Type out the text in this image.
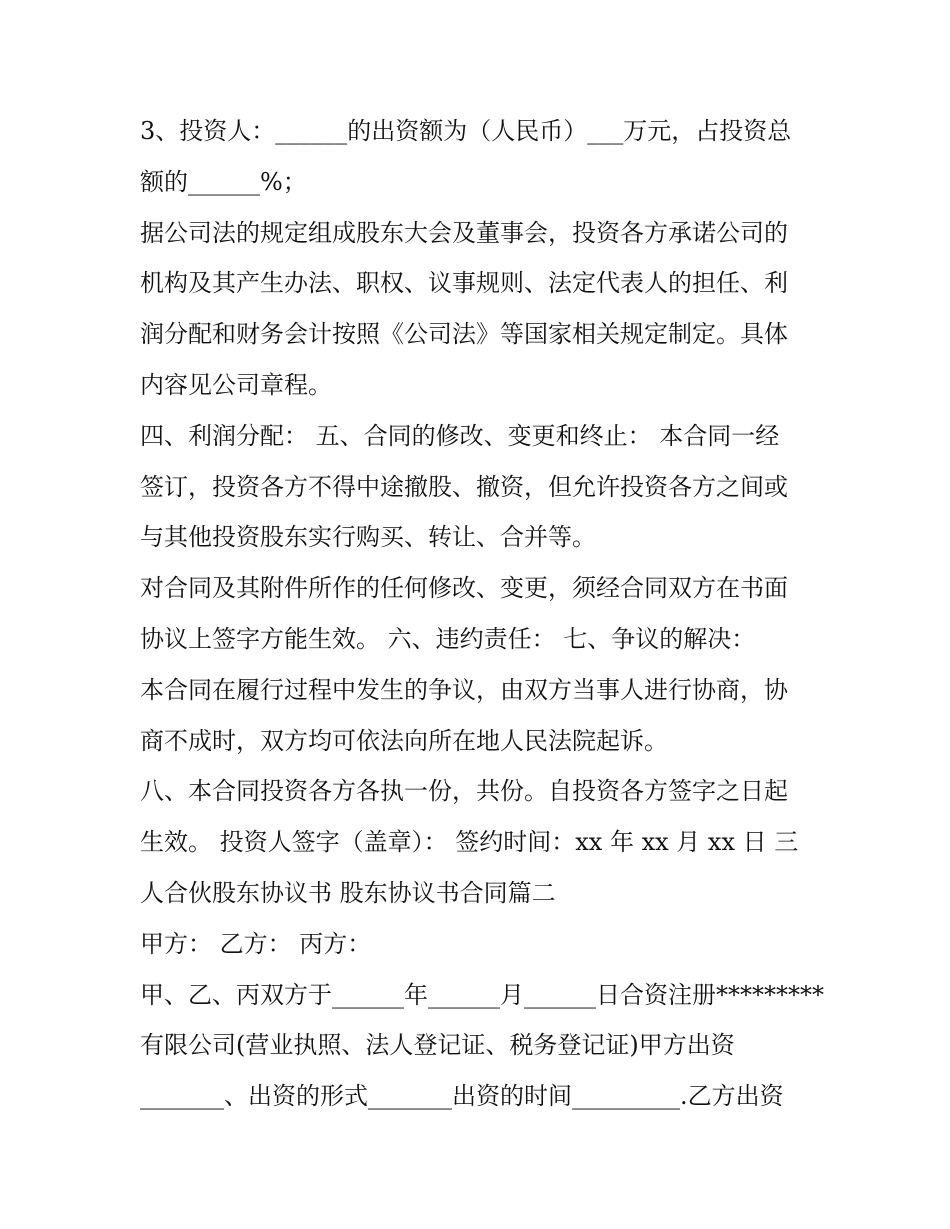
3、投资人：______的出资额为（人民币）___万元，占投资总
额的______%；
据公司法的规定组成股东大会及董事会，投资各方承诺公司的
机构及其产生办法、职权、议事规则、法定代表人的担任、利
润分配和财务会计按照《公司法》等国家相关规定制定。具体
内容见公司章程。
四、利润分配： 五、合同的修改、变更和终止： 本合同一经
签订，投资各方不得中途撤股、撤资，但允许投资各方之间或
与其他投资股东实行购买、转让、合并等。
对合同及其附件所作的任何修改、变更，须经合同双方在书面
协议上签字方能生效。 六、违约责任： 七、争议的解决：
本合同在履行过程中发生的争议，由双方当事人进行协商，协
商不成时，双方均可依法向所在地人民法院起诉。
八、本合同投资各方各执一份，共份。自投资各方签字之日起
生效。 投资人签字（盖章）： 签约时间：xx 年 xx 月 xx 日 三
人合伙股东协议书 股东协议书合同篇二
甲方： 乙方： 丙方：
甲、乙、丙双方于______年______月______日合资注册*********
有限公司(营业执照、法人登记证、税务登记证)甲方出资
_______、出资的形式_______出资的时间_________.乙方出资
